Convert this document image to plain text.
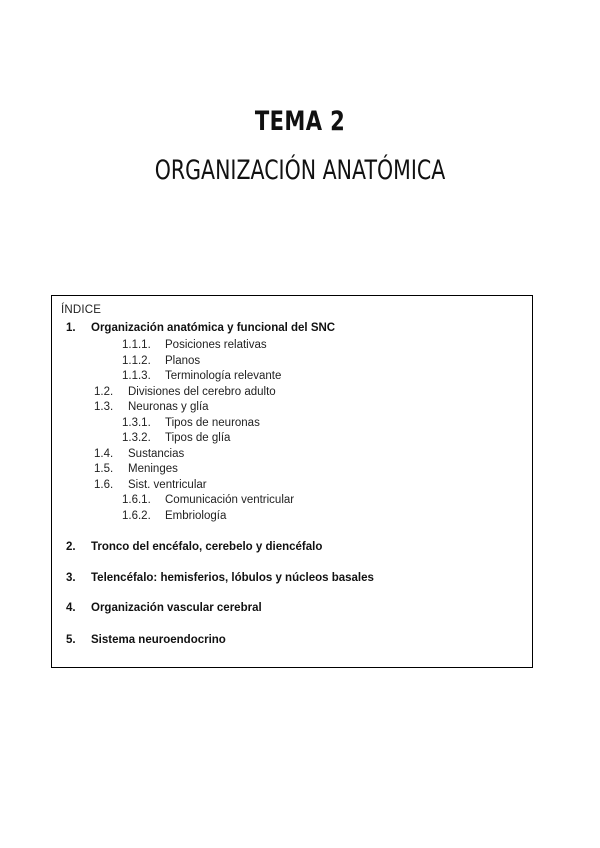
TEMA 2
ORGANIZACIÓN ANATÓMICA
ÍNDICE
1. Organización anatómica y funcional del SNC
1.1.1. Posiciones relativas
1.1.2. Planos
1.1.3. Terminología relevante
1.2. Divisiones del cerebro adulto
1.3. Neuronas y glía
1.3.1. Tipos de neuronas
1.3.2. Tipos de glía
1.4. Sustancias
1.5. Meninges
1.6. Sist. ventricular
1.6.1. Comunicación ventricular
1.6.2. Embriología
2. Tronco del encéfalo, cerebelo y diencéfalo
3. Telencéfalo: hemisferios, lóbulos y núcleos basales
4. Organización vascular cerebral
5. Sistema neuroendocrino
